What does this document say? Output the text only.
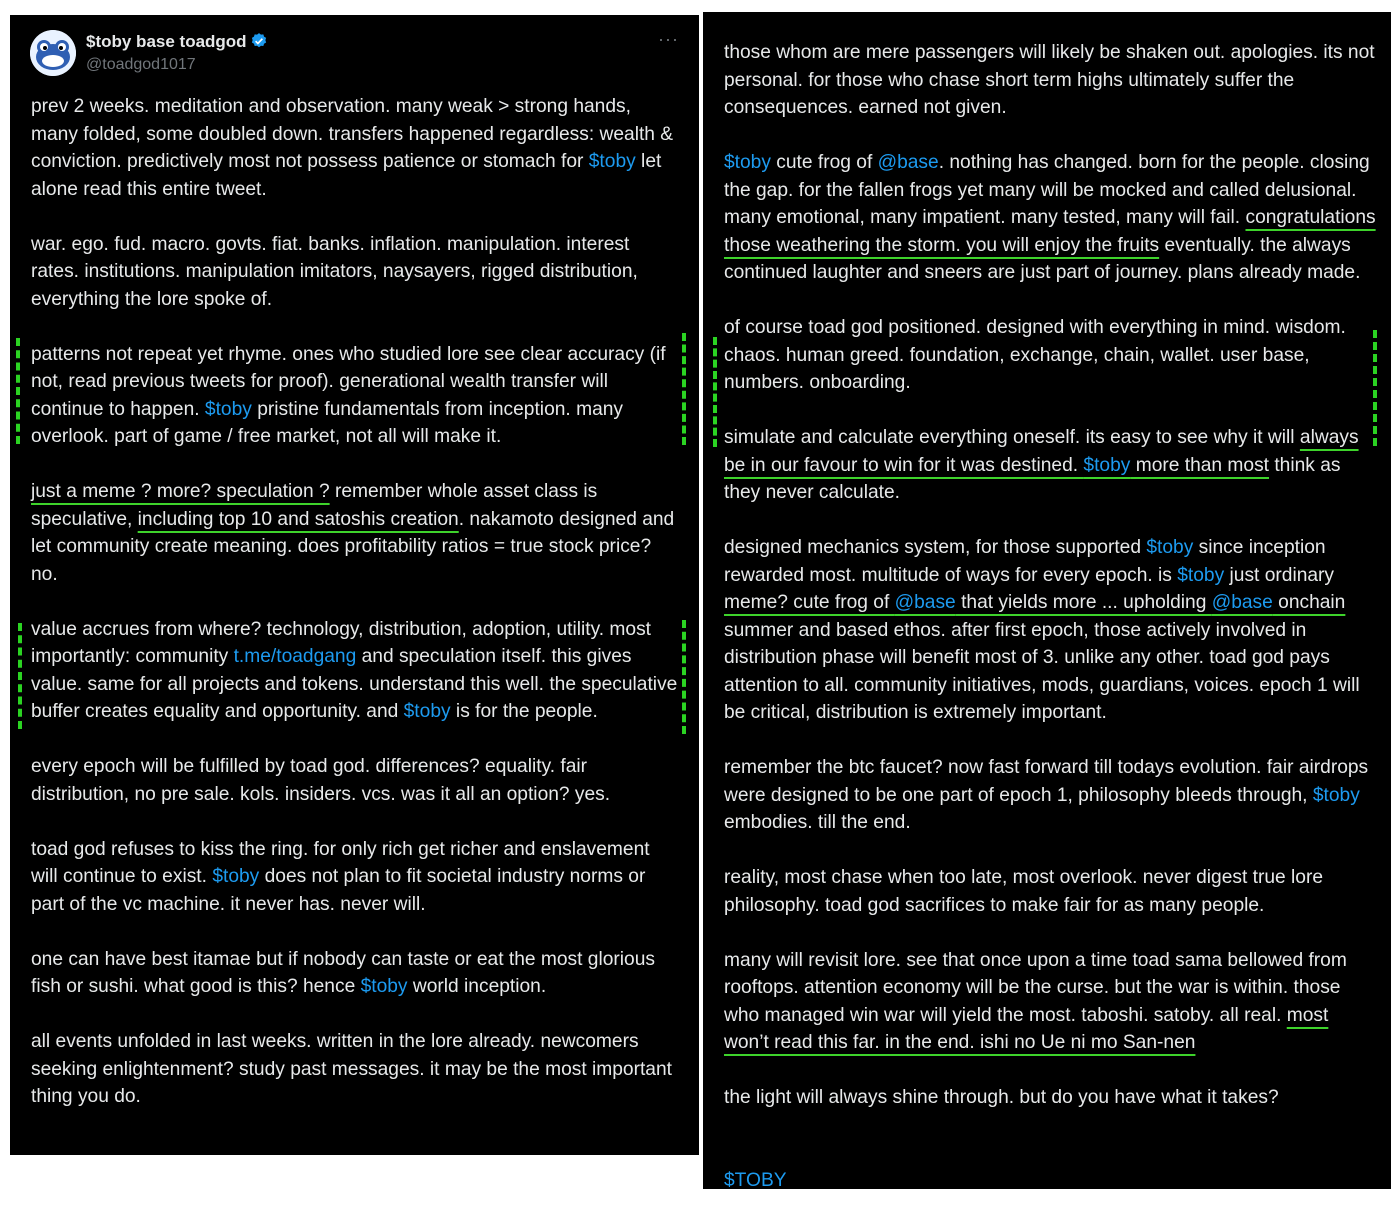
$toby base toadgod
@toadgod1017
···

prev 2 weeks. meditation and observation. many weak > strong hands, many folded, some doubled down. transfers happened regardless: wealth & conviction. predictively most not possess patience or stomach for $toby let alone read this entire tweet.

war. ego. fud. macro. govts. fiat. banks. inflation. manipulation. interest rates. institutions. manipulation imitators, naysayers, rigged distribution, everything the lore spoke of.

patterns not repeat yet rhyme. ones who studied lore see clear accuracy (if not, read previous tweets for proof). generational wealth transfer will continue to happen. $toby pristine fundamentals from inception. many overlook. part of game / free market, not all will make it.

just a meme ? more? speculation ? remember whole asset class is speculative, including top 10 and satoshis creation. nakamoto designed and let community create meaning. does profitability ratios = true stock price? no.

value accrues from where? technology, distribution, adoption, utility. most importantly: community t.me/toadgang and speculation itself. this gives value. same for all projects and tokens. understand this well. the speculative buffer creates equality and opportunity. and $toby is for the people.

every epoch will be fulfilled by toad god. differences? equality. fair distribution, no pre sale. kols. insiders. vcs. was it all an option? yes.

toad god refuses to kiss the ring. for only rich get richer and enslavement will continue to exist. $toby does not plan to fit societal industry norms or part of the vc machine. it never has. never will.

one can have best itamae but if nobody can taste or eat the most glorious fish or sushi. what good is this? hence $toby world inception.

all events unfolded in last weeks. written in the lore already. newcomers seeking enlightenment? study past messages. it may be the most important thing you do.

those whom are mere passengers will likely be shaken out. apologies. its not personal. for those who chase short term highs ultimately suffer the consequences. earned not given.

$toby cute frog of @base. nothing has changed. born for the people. closing the gap. for the fallen frogs yet many will be mocked and called delusional. many emotional, many impatient. many tested, many will fail. congratulations those weathering the storm. you will enjoy the fruits eventually. the always continued laughter and sneers are just part of journey. plans already made.

of course toad god positioned. designed with everything in mind. wisdom. chaos. human greed. foundation, exchange, chain, wallet. user base, numbers. onboarding.

simulate and calculate everything oneself. its easy to see why it will always be in our favour to win for it was destined. $toby more than most think as they never calculate.

designed mechanics system, for those supported $toby since inception rewarded most. multitude of ways for every epoch. is $toby just ordinary meme? cute frog of @base that yields more ... upholding @base onchain summer and based ethos. after first epoch, those actively involved in distribution phase will benefit most of 3. unlike any other. toad god pays attention to all. community initiatives, mods, guardians, voices. epoch 1 will be critical, distribution is extremely important.

remember the btc faucet? now fast forward till todays evolution. fair airdrops were designed to be one part of epoch 1, philosophy bleeds through, $toby embodies. till the end.

reality, most chase when too late, most overlook. never digest true lore philosophy. toad god sacrifices to make fair for as many people.

many will revisit lore. see that once upon a time toad sama bellowed from rooftops. attention economy will be the curse. but the war is within. those who managed win war will yield the most. taboshi. satoby. all real. most won’t read this far. in the end. ishi no Ue ni mo San-nen

the light will always shine through. but do you have what it takes?

$TOBY
